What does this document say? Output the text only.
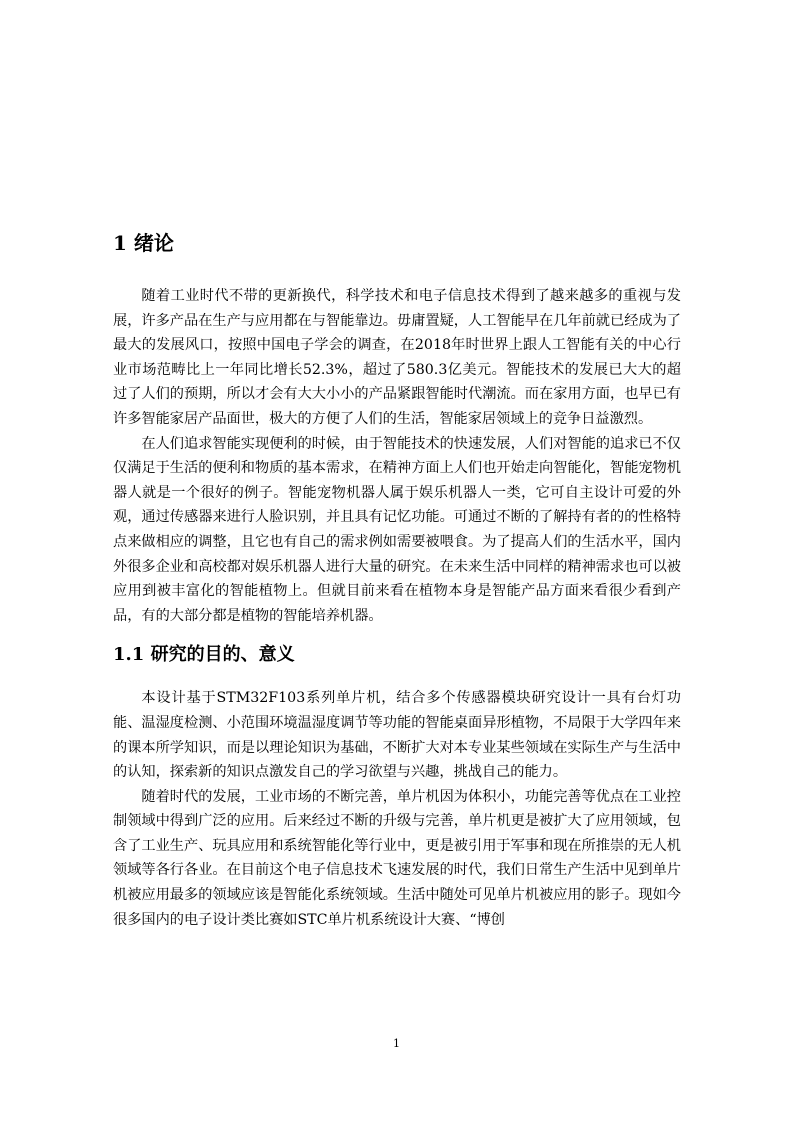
1 绪论

随着工业时代不带的更新换代，科学技术和电子信息技术得到了越来越多的重视与发展，许多产品在生产与应用都在与智能靠边。毋庸置疑，人工智能早在几年前就已经成为了最大的发展风口，按照中国电子学会的调查，在2018年时世界上跟人工智能有关的中心行业市场范畴比上一年同比增长52.3%，超过了580.3亿美元。智能技术的发展已大大的超过了人们的预期，所以才会有大大小小的产品紧跟智能时代潮流。而在家用方面，也早已有许多智能家居产品面世，极大的方便了人们的生活，智能家居领域上的竞争日益激烈。

在人们追求智能实现便利的时候，由于智能技术的快速发展，人们对智能的追求已不仅仅满足于生活的便利和物质的基本需求，在精神方面上人们也开始走向智能化，智能宠物机器人就是一个很好的例子。智能宠物机器人属于娱乐机器人一类，它可自主设计可爱的外观，通过传感器来进行人脸识别，并且具有记忆功能。可通过不断的了解持有者的的性格特点来做相应的调整，且它也有自己的需求例如需要被喂食。为了提高人们的生活水平，国内外很多企业和高校都对娱乐机器人进行大量的研究。在未来生活中同样的精神需求也可以被应用到被丰富化的智能植物上。但就目前来看在植物本身是智能产品方面来看很少看到产品，有的大部分都是植物的智能培养机器。

1.1 研究的目的、意义

本设计基于STM32F103系列单片机，结合多个传感器模块研究设计一具有台灯功能、温湿度检测、小范围环境温湿度调节等功能的智能桌面异形植物，不局限于大学四年来的课本所学知识，而是以理论知识为基础，不断扩大对本专业某些领域在实际生产与生活中的认知，探索新的知识点激发自己的学习欲望与兴趣，挑战自己的能力。

随着时代的发展，工业市场的不断完善，单片机因为体积小，功能完善等优点在工业控制领域中得到广泛的应用。后来经过不断的升级与完善，单片机更是被扩大了应用领域，包含了工业生产、玩具应用和系统智能化等行业中，更是被引用于军事和现在所推崇的无人机领域等各行各业。在目前这个电子信息技术飞速发展的时代，我们日常生产生活中见到单片机被应用最多的领域应该是智能化系统领域。生活中随处可见单片机被应用的影子。现如今很多国内的电子设计类比赛如STC单片机系统设计大赛、“博创

1
